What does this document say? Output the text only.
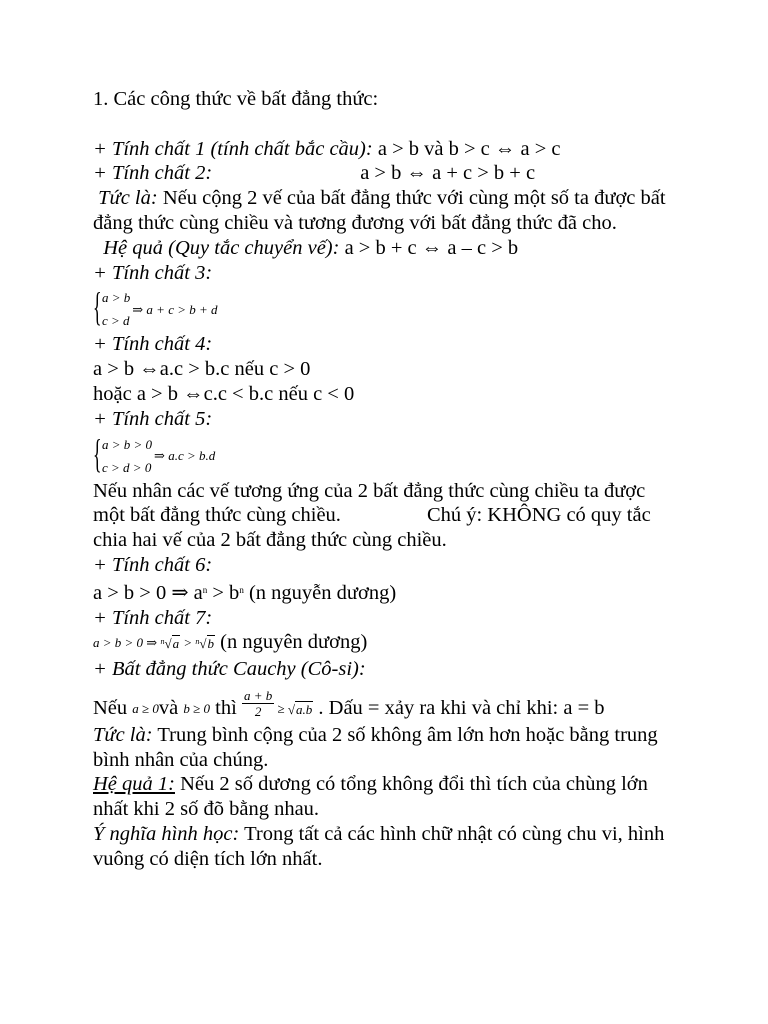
1. Các công thức về bất đẳng thức:
+ Tính chất 1 (tính chất bắc cầu): a > b và b > c ⇔ a > c
+ Tính chất 2:	a > b ⇔ a + c > b + c
Tức là: Nếu cộng 2 vế của bất đẳng thức với cùng một số ta được bất đẳng thức cùng chiều và tương đương với bất đẳng thức đã cho.
Hệ quả (Quy tắc chuyển vế): a > b + c ⇔ a – c > b
+ Tính chất 3:
{ a > b
c > d
⇒ a + c > b + d
+ Tính chất 4:
a > b ⇔a.c > b.c nếu c > 0
hoặc a > b ⇔c.c < b.c nếu c < 0
+ Tính chất 5:
{ a > b > 0
c > d > 0
⇒ a.c > b.d
Nếu nhân các vế tương ứng của 2 bất đẳng thức cùng chiều ta được một bất đẳng thức cùng chiều.	Chú ý: KHÔNG có quy tắc chia hai vế của 2 bất đẳng thức cùng chiều.
+ Tính chất 6:
a > b > 0 ⇒ $a^n > b^n$ (n nguyễn dương)
+ Tính chất 7:
a > b > 0 ⇒ $^n$√a > $^n$√b (n nguyên dương)
+ Bất đẳng thức Cauchy (Cô-si):
Nếu a ≥ 0và b ≥ 0 thì $\frac{a + b}{2} \ge √a.b$ . Dấu = xảy ra khi và chỉ khi: a = b
Tức là: Trung bình cộng của 2 số không âm lớn hơn hoặc bằng trung bình nhân của chúng.
Hệ quả 1: Nếu 2 số dương có tổng không đổi thì tích của chùng lớn nhất khi 2 số đõ bằng nhau.
Ý nghĩa hình học: Trong tất cả các hình chữ nhật có cùng chu vi, hình vuông có diện tích lớn nhất.
